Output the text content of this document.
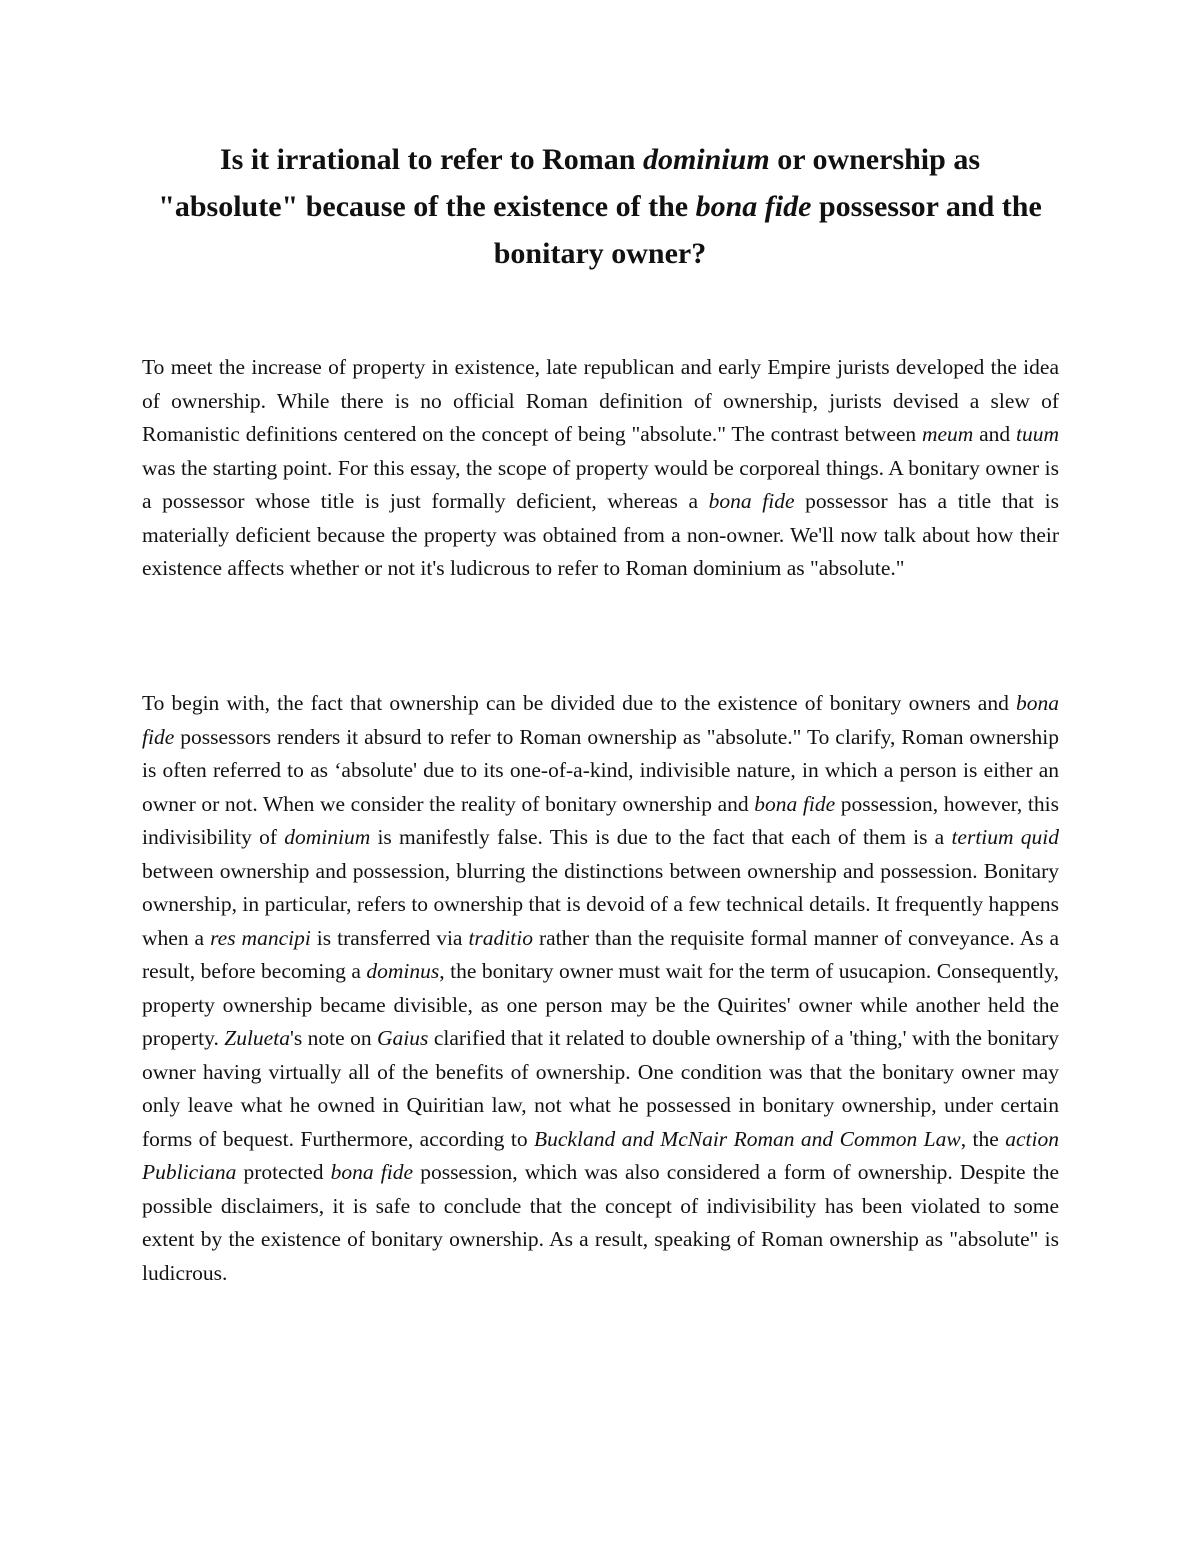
Is it irrational to refer to Roman dominium or ownership as "absolute" because of the existence of the bona fide possessor and the bonitary owner?

To meet the increase of property in existence, late republican and early Empire jurists developed the idea of ownership. While there is no official Roman definition of ownership, jurists devised a slew of Romanistic definitions centered on the concept of being "absolute." The contrast between meum and tuum was the starting point. For this essay, the scope of property would be corporeal things. A bonitary owner is a possessor whose title is just formally deficient, whereas a bona fide possessor has a title that is materially deficient because the property was obtained from a non-owner. We'll now talk about how their existence affects whether or not it's ludicrous to refer to Roman dominium as "absolute."

To begin with, the fact that ownership can be divided due to the existence of bonitary owners and bona fide possessors renders it absurd to refer to Roman ownership as "absolute." To clarify, Roman ownership is often referred to as ‘absolute' due to its one-of-a-kind, indivisible nature, in which a person is either an owner or not. When we consider the reality of bonitary ownership and bona fide possession, however, this indivisibility of dominium is manifestly false. This is due to the fact that each of them is a tertium quid between ownership and possession, blurring the distinctions between ownership and possession. Bonitary ownership, in particular, refers to ownership that is devoid of a few technical details. It frequently happens when a res mancipi is transferred via traditio rather than the requisite formal manner of conveyance. As a result, before becoming a dominus, the bonitary owner must wait for the term of usucapion. Consequently, property ownership became divisible, as one person may be the Quirites' owner while another held the property. Zulueta's note on Gaius clarified that it related to double ownership of a 'thing,' with the bonitary owner having virtually all of the benefits of ownership. One condition was that the bonitary owner may only leave what he owned in Quiritian law, not what he possessed in bonitary ownership, under certain forms of bequest. Furthermore, according to Buckland and McNair Roman and Common Law, the action Publiciana protected bona fide possession, which was also considered a form of ownership. Despite the possible disclaimers, it is safe to conclude that the concept of indivisibility has been violated to some extent by the existence of bonitary ownership. As a result, speaking of Roman ownership as "absolute" is ludicrous.
